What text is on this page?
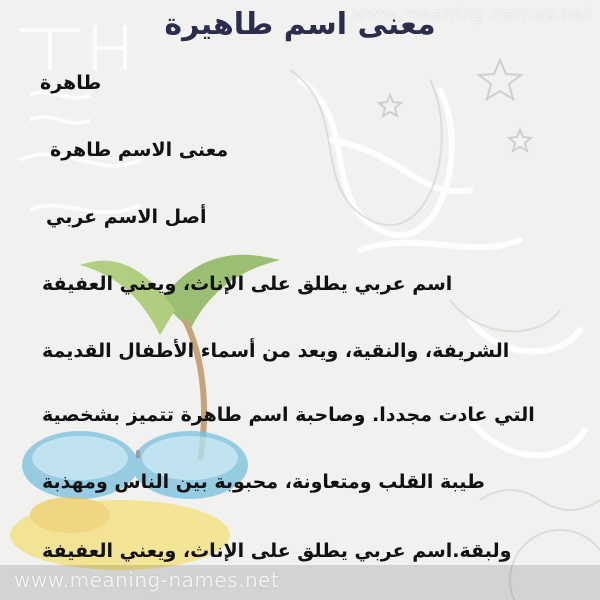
www.meaning-names.net
معنى اسم طاهيرة
طاهرة
معنى الاسم طاهرة
أصل الاسم عربي
اسم عربي يطلق على الإناث، ويعني العفيفة
الشريفة، والنقية، ويعد من أسماء الأطفال القديمة
التي عادت مجددا. وصاحبة اسم طاهرة تتميز بشخصية
طيبة القلب ومتعاونة، محبوبة بين الناس ومهذبة
ولبقة.اسم عربي يطلق على الإناث، ويعني العفيفة
www.meaning-names.net
